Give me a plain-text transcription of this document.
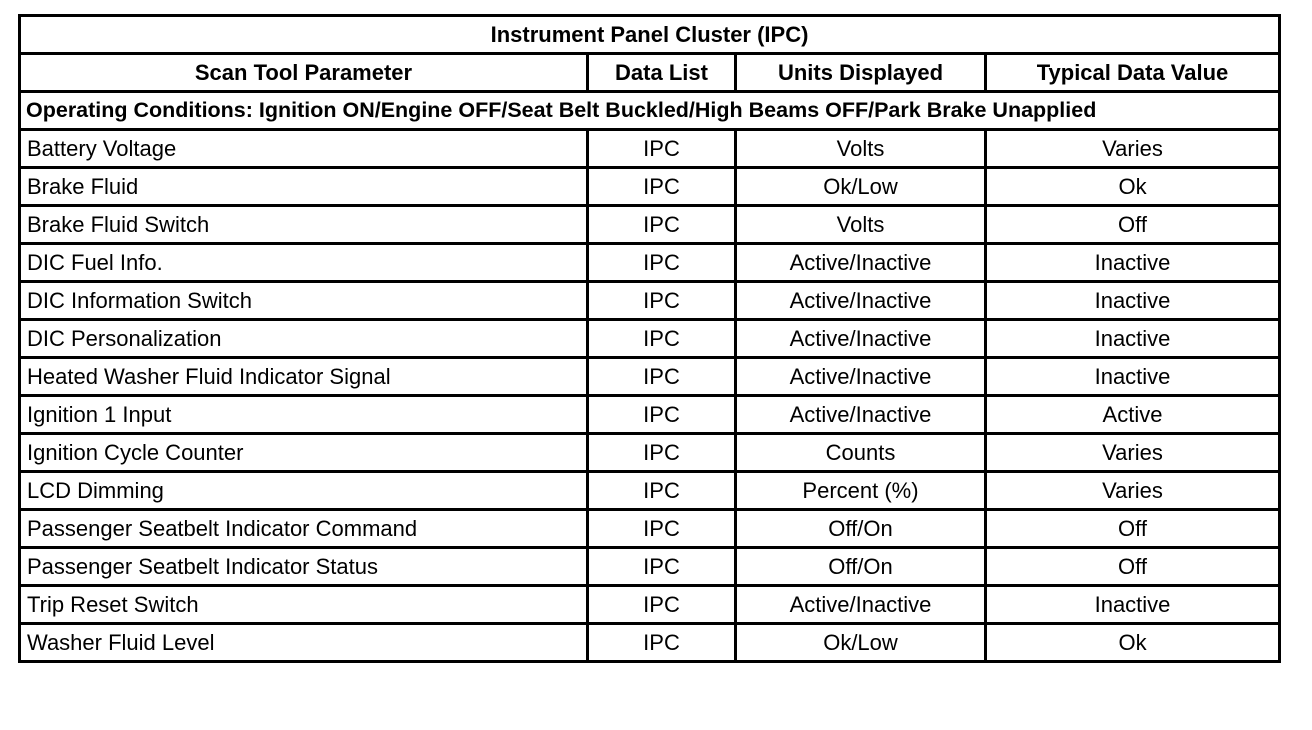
Instrument Panel Cluster (IPC)			
Scan Tool Parameter	Data List	Units Displayed	Typical Data Value
Operating Conditions: Ignition ON/Engine OFF/Seat Belt Buckled/High Beams OFF/Park Brake Unapplied			
Battery Voltage	IPC	Volts	Varies
Brake Fluid	IPC	Ok/Low	Ok
Brake Fluid Switch	IPC	Volts	Off
DIC Fuel Info.	IPC	Active/Inactive	Inactive
DIC Information Switch	IPC	Active/Inactive	Inactive
DIC Personalization	IPC	Active/Inactive	Inactive
Heated Washer Fluid Indicator Signal	IPC	Active/Inactive	Inactive
Ignition 1 Input	IPC	Active/Inactive	Active
Ignition Cycle Counter	IPC	Counts	Varies
LCD Dimming	IPC	Percent (%)	Varies
Passenger Seatbelt Indicator Command	IPC	Off/On	Off
Passenger Seatbelt Indicator Status	IPC	Off/On	Off
Trip Reset Switch	IPC	Active/Inactive	Inactive
Washer Fluid Level	IPC	Ok/Low	Ok
